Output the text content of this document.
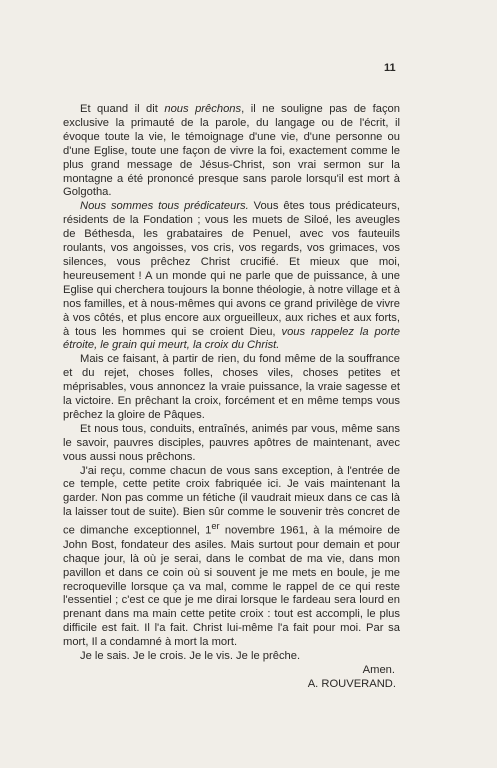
11

Et quand il dit nous prêchons, il ne souligne pas de façon exclusive la primauté de la parole, du langage ou de l'écrit, il évoque toute la vie, le témoignage d'une vie, d'une personne ou d'une Eglise, toute une façon de vivre la foi, exactement comme le plus grand message de Jésus-Christ, son vrai sermon sur la montagne a été prononcé presque sans parole lorsqu'il est mort à Golgotha.

Nous sommes tous prédicateurs. Vous êtes tous prédicateurs, résidents de la Fondation ; vous les muets de Siloé, les aveugles de Béthesda, les grabataires de Penuel, avec vos fauteuils roulants, vos angoisses, vos cris, vos regards, vos grimaces, vos silences, vous prêchez Christ crucifié. Et mieux que moi, heureusement ! A un monde qui ne parle que de puissance, à une Eglise qui cherchera toujours la bonne théologie, à notre village et à nos familles, et à nous-mêmes qui avons ce grand privilège de vivre à vos côtés, et plus encore aux orgueilleux, aux riches et aux forts, à tous les hommes qui se croient Dieu, vous rappelez la porte étroite, le grain qui meurt, la croix du Christ.

Mais ce faisant, à partir de rien, du fond même de la souffrance et du rejet, choses folles, choses viles, choses petites et méprisables, vous annoncez la vraie puissance, la vraie sagesse et la victoire. En prêchant la croix, forcément et en même temps vous prêchez la gloire de Pâques.

Et nous tous, conduits, entraînés, animés par vous, même sans le savoir, pauvres disciples, pauvres apôtres de maintenant, avec vous aussi nous prêchons.

J'ai reçu, comme chacun de vous sans exception, à l'entrée de ce temple, cette petite croix fabriquée ici. Je vais maintenant la garder. Non pas comme un fétiche (il vaudrait mieux dans ce cas là la laisser tout de suite). Bien sûr comme le souvenir très concret de ce dimanche exceptionnel, 1er novembre 1961, à la mémoire de John Bost, fondateur des asiles. Mais surtout pour demain et pour chaque jour, là où je serai, dans le combat de ma vie, dans mon pavillon et dans ce coin où si souvent je me mets en boule, je me recroqueville lorsque ça va mal, comme le rappel de ce qui reste l'essentiel ; c'est ce que je me dirai lorsque le fardeau sera lourd en prenant dans ma main cette petite croix : tout est accompli, le plus difficile est fait. Il l'a fait. Christ lui-même l'a fait pour moi. Par sa mort, Il a condamné à mort la mort.

Je le sais. Je le crois. Je le vis. Je le prêche.

Amen.

A. ROUVERAND.
